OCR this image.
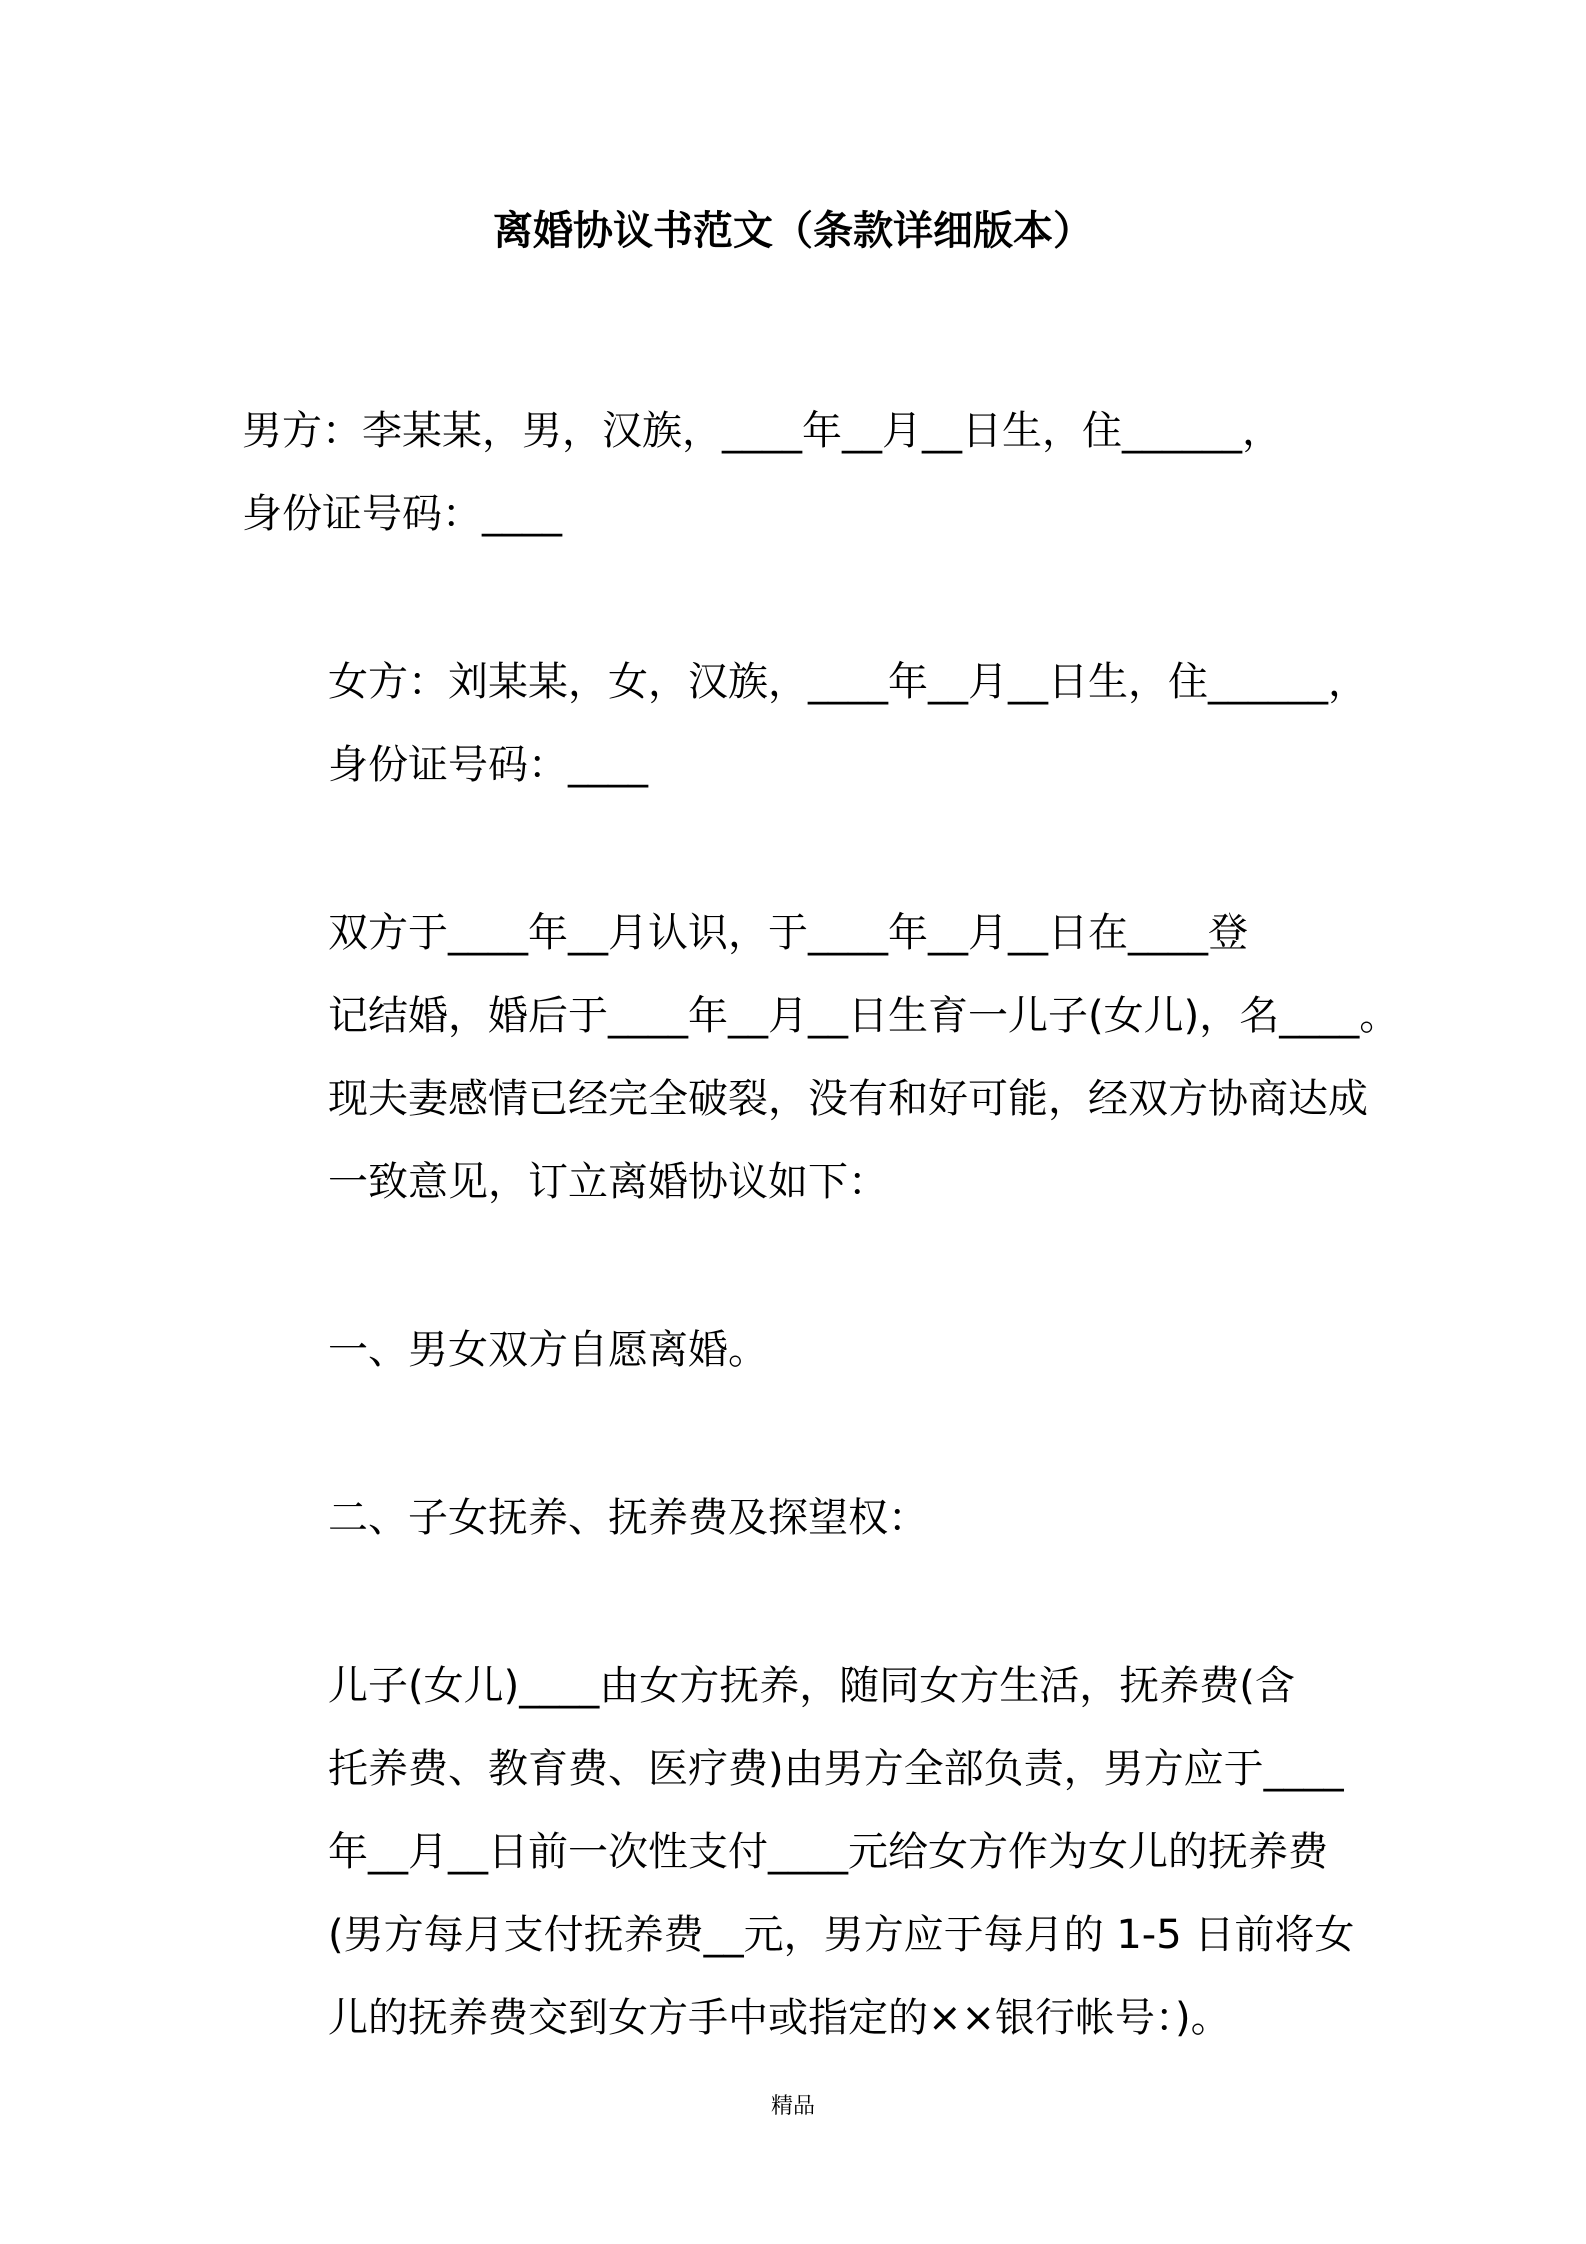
离婚协议书范文（条款详细版本）

男方：李某某，男，汉族，____年__月__日生，住______，
身份证号码：____

女方：刘某某，女，汉族，____年__月__日生，住______，
身份证号码：____

双方于____年__月认识，于____年__月__日在____登
记结婚，婚后于____年__月__日生育一儿子(女儿)，名____。
现夫妻感情已经完全破裂，没有和好可能，经双方协商达成
一致意见，订立离婚协议如下：

一、男女双方自愿离婚。

二、子女抚养、抚养费及探望权：

儿子(女儿)____由女方抚养，随同女方生活，抚养费(含
托养费、教育费、医疗费)由男方全部负责，男方应于____
年__月__日前一次性支付____元给女方作为女儿的抚养费
(男方每月支付抚养费__元，男方应于每月的 1-5 日前将女
儿的抚养费交到女方手中或指定的××银行帐号：)。

精品
